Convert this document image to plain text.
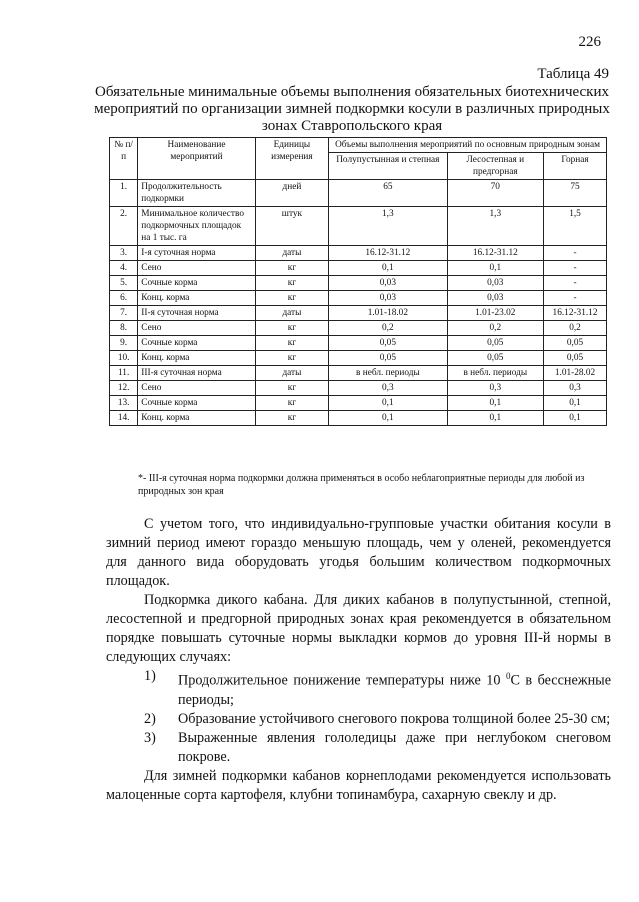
226
Таблица 49
Обязательные минимальные объемы выполнения обязательных биотехнических мероприятий по организации зимней подкормки косули в различных природных зонах Ставропольского края
№ п/п	Наименование мероприятий	Единицы измерения	Объемы выполнения мероприятий по основным природным зонам		
			Полупустынная и степная	Лесостепная и предгорная	Горная
1.	Продолжительность подкормки	дней	65	70	75
2.	Минимальное количество подкормочных площадок на 1 тыс. га	штук	1,3	1,3	1,5
3.	I-я суточная норма	даты	16.12-31.12	16.12-31.12	-
4.	Сено	кг	0,1	0,1	-
5.	Сочные корма	кг	0,03	0,03	-
6.	Конц. корма	кг	0,03	0,03	-
7.	II-я суточная норма	даты	1.01-18.02	1.01-23.02	16.12-31.12
8.	Сено	кг	0,2	0,2	0,2
9.	Сочные корма	кг	0,05	0,05	0,05
10.	Конц. корма	кг	0,05	0,05	0,05
11.	III-я суточная норма	даты	в небл. периоды	в небл. периоды	1.01-28.02
12.	Сено	кг	0,3	0,3	0,3
13.	Сочные корма	кг	0,1	0,1	0,1
14.	Конц. корма	кг	0,1	0,1	0,1
*- III-я суточная норма подкормки должна применяться в особо неблагоприятные периоды для любой из природных зон края

С учетом того, что индивидуально-групповые участки обитания косули в зимний период имеют гораздо меньшую площадь, чем у оленей, рекомендуется для данного вида оборудовать угодья большим количеством подкормочных площадок.

Подкормка дикого кабана. Для диких кабанов в полупустынной, степной, лесостепной и предгорной природных зонах края рекомендуется в обязательном порядке повышать суточные нормы выкладки кормов до уровня III-й нормы в следующих случаях:

1)	Продолжительное понижение температуры ниже 10 $^0$С в бесснежные периоды;
2)	Образование устойчивого снегового покрова толщиной более 25-30 см;
3)	Выраженные явления гололедицы даже при неглубоком снеговом покрове.

Для зимней подкормки кабанов корнеплодами рекомендуется использовать малоценные сорта картофеля, клубни топинамбура, сахарную свеклу и др.
